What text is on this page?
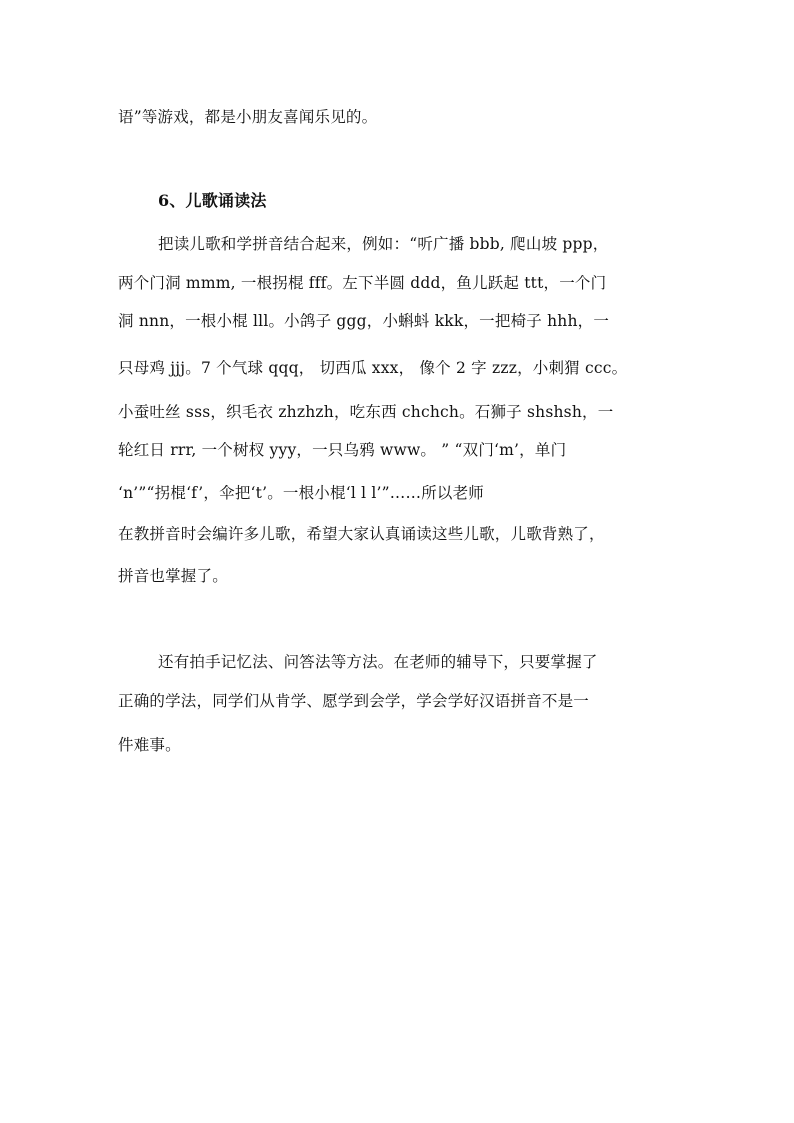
语”等游戏，都是小朋友喜闻乐见的。
6、儿歌诵读法
把读儿歌和学拼音结合起来，例如：“听广播 bbb, 爬山坡 ppp，
两个门洞 mmm, 一根拐棍 fff。左下半圆 ddd，鱼儿跃起 ttt，一个门
洞 nnn，一根小棍 lll。小鸽子 ggg，小蝌蚪 kkk，一把椅子 hhh，一
只母鸡 jjj。7 个气球 qqq， 切西瓜 xxx， 像个 2 字 zzz，小刺猬 ccc。
小蚕吐丝 sss，织毛衣 zhzhzh，吃东西 chchch。石狮子 shshsh，一
轮红日 rrr, 一个树杈 yyy，一只乌鸦 www。 ” “双门‘m’，单门
‘n’”“拐棍‘f’，伞把‘t’。一根小棍‘l l l’”……所以老师
在教拼音时会编许多儿歌，希望大家认真诵读这些儿歌，儿歌背熟了，
拼音也掌握了。
还有拍手记忆法、问答法等方法。在老师的辅导下，只要掌握了
正确的学法，同学们从肯学、愿学到会学，学会学好汉语拼音不是一
件难事。
